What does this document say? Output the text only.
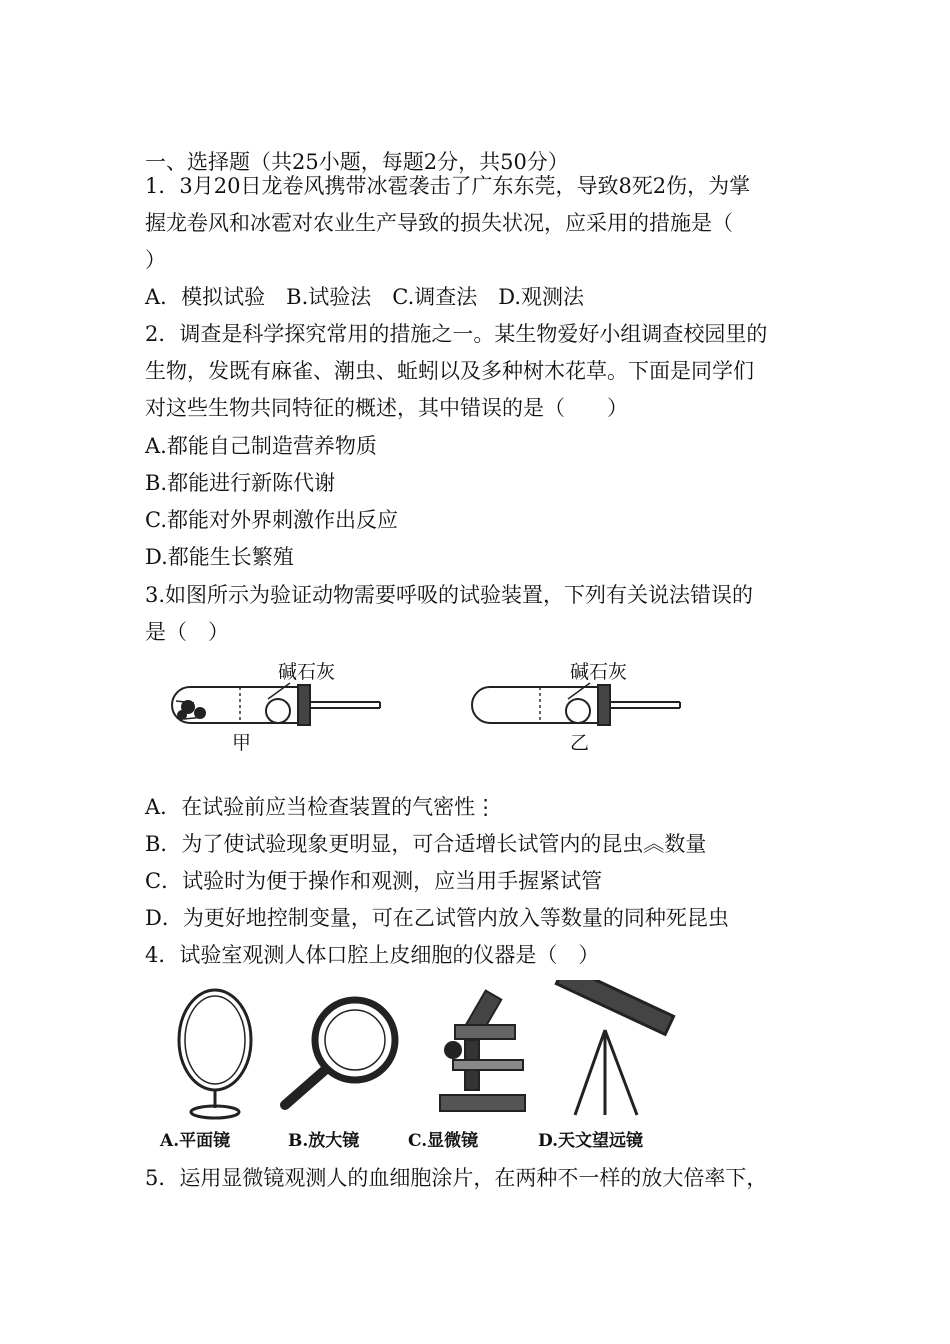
一、选择题（共25小题，每题2分，共50分）
1．3月20日龙卷风携带冰雹袭击了广东东莞，导致8死2伤，为掌
握龙卷风和冰雹对农业生产导致的损失状况，应采用的措施是（
）
A．模拟试验　B.试验法　C.调查法　D.观测法
2．调查是科学探究常用的措施之一。某生物爱好小组调查校园里的
生物，发既有麻雀、潮虫、蚯蚓以及多种树木花草。下面是同学们
对这些生物共同特征的概述，其中错误的是（　　）
A.都能自己制造营养物质
B.都能进行新陈代谢
C.都能对外界刺激作出反应
D.都能生长繁殖
3.如图所示为验证动物需要呼吸的试验装置，下列有关说法错误的
是（　）
碱石灰	碱石灰
甲	乙
A．在试验前应当检查装置的气密性⋮
B．为了使试验现象更明显，可合适增长试管内的昆虫︽数量
C．试验时为便于操作和观测，应当用手握紧试管
D．为更好地控制变量，可在乙试管内放入等数量的同种死昆虫
4．试验室观测人体口腔上皮细胞的仪器是（　）
A.平面镜	B.放大镜	C.显微镜	D.天文望远镜
5．运用显微镜观测人的血细胞涂片，在两种不一样的放大倍率下，
